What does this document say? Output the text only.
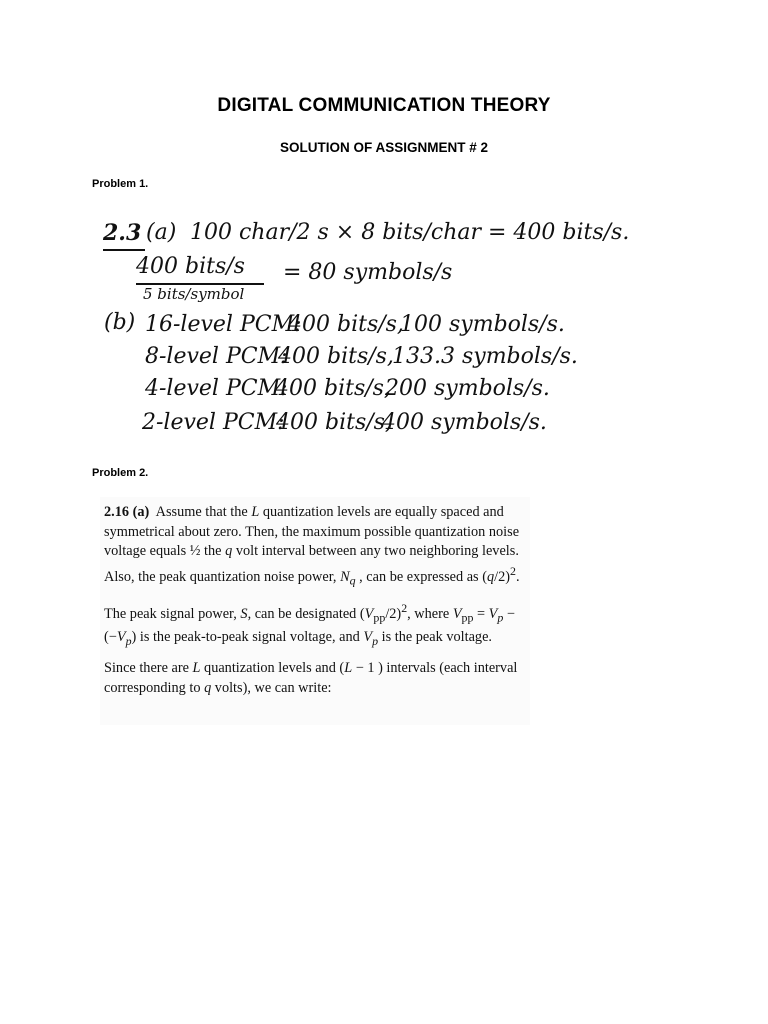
DIGITAL COMMUNICATION THEORY
SOLUTION OF ASSIGNMENT # 2
Problem 1.
2.3 (a) 100 char/2 s × 8 bits/char = 400 bits/s.
400 bits/s
5 bits/symbol
= 80 symbols/s
(b) 16-level PCM:
400 bits/s,
100 symbols/s.
8-level PCM:
400 bits/s,
133.3 symbols/s.
4-level PCM:
400 bits/s,
200 symbols/s.
2-level PCM:
400 bits/s,
400 symbols/s.
Problem 2.

2.16 (a)  Assume that the L quantization levels are equally spaced and symmetrical about zero. Then, the maximum possible quantization noise voltage equals ½ the q volt interval between any two neighboring levels. Also, the peak quantization noise power, $N_q$ , can be expressed as $(q/2)^2$.

The peak signal power, S, can be designated $(V_{pp}/2)^2$, where $V_{pp} = V_p - (-V_p)$ is the peak-to-peak signal voltage, and $V_p$ is the peak voltage.

Since there are L quantization levels and (L − 1 ) intervals (each interval corresponding to q volts), we can write:
